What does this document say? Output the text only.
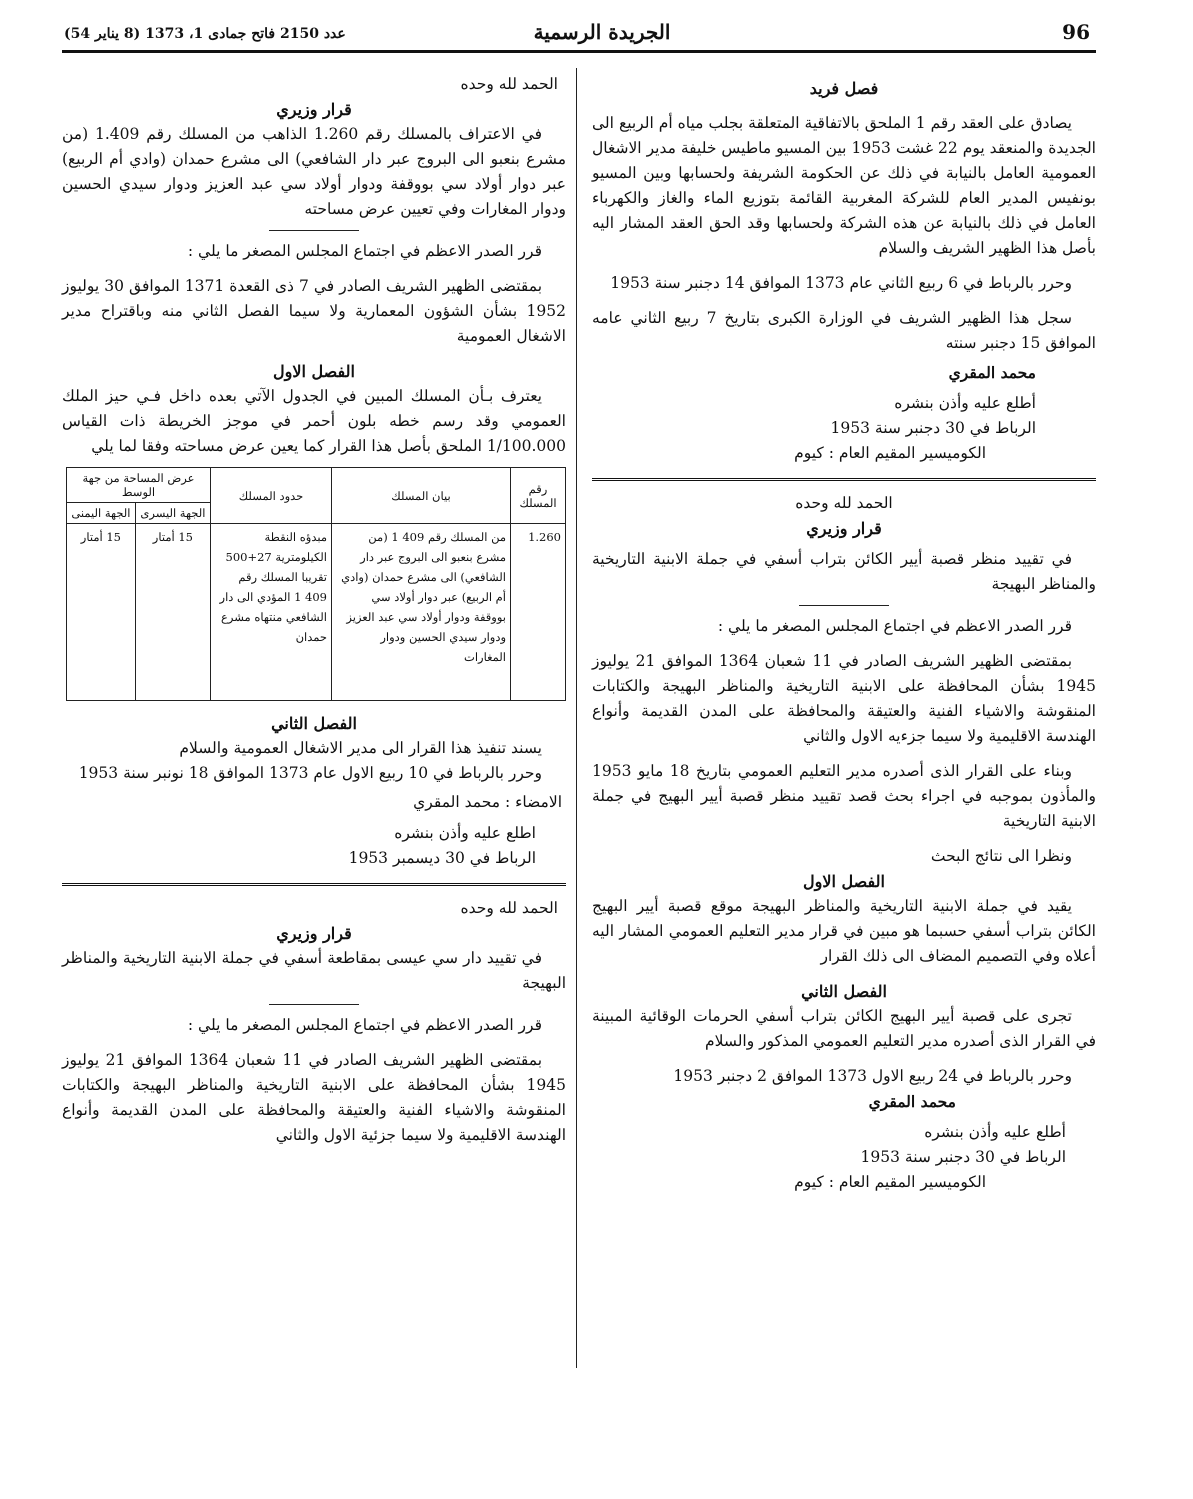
96
الجريدة الرسمية
عدد 2150 فاتح جمادى 1، 1373 (8 يناير 54)
فصل فريد

يصادق على العقد رقم 1 الملحق بالاتفاقية المتعلقة بجلب مياه أم الربيع الى الجديدة والمنعقد يوم 22 غشت 1953 بين المسيو ماطيس خليفة مدير الاشغال العمومية العامل بالنيابة في ذلك عن الحكومة الشريفة ولحسابها وبين المسيو بونفيس المدير العام للشركة المغربية القائمة بتوزيع الماء والغاز والكهرباء العامل في ذلك بالنيابة عن هذه الشركة ولحسابها وقد الحق العقد المشار اليه بأصل هذا الظهير الشريف والسلام

وحرر بالرباط في 6 ربيع الثاني عام 1373 الموافق 14 دجنبر سنة 1953

سجل هذا الظهير الشريف في الوزارة الكبرى بتاريخ 7 ربيع الثاني عامه الموافق 15 دجنبر سنته

محمد المقري
أطلع عليه وأذن بنشره
الرباط في 30 دجنبر سنة 1953
الكوميسير المقيم العام : كيوم
الحمد لله وحده
قرار وزيري

في تقييد منظر قصبة أيير الكائن بتراب أسفي في جملة الابنية التاريخية والمناظر البهيجة

قرر الصدر الاعظم في اجتماع المجلس المصغر ما يلي :

بمقتضى الظهير الشريف الصادر في 11 شعبان 1364 الموافق 21 يوليوز 1945 بشأن المحافظة على الابنية التاريخية والمناظر البهيجة والكتابات المنقوشة والاشياء الفنية والعتيقة والمحافظة على المدن القديمة وأنواع الهندسة الاقليمية ولا سيما جزءيه الاول والثاني

وبناء على القرار الذى أصدره مدير التعليم العمومي بتاريخ 18 مايو 1953 والمأذون بموجبه في اجراء بحث قصد تقييد منظر قصبة أيير البهيج في جملة الابنية التاريخية

ونظرا الى نتائج البحث

الفصل الاول

يقيد في جملة الابنية التاريخية والمناظر البهيجة موقع قصبة أيير البهيج الكائن بتراب أسفي حسبما هو مبين في قرار مدير التعليم العمومي المشار اليه أعلاه وفي التصميم المضاف الى ذلك القرار

الفصل الثاني

تجرى على قصبة أيير البهيج الكائن بتراب أسفي الحرمات الوقائية المبينة في القرار الذى أصدره مدير التعليم العمومي المذكور والسلام

وحرر بالرباط في 24 ربيع الاول 1373 الموافق 2 دجنبر 1953

محمد المقري
أطلع عليه وأذن بنشره
الرباط في 30 دجنبر سنة 1953
الكوميسير المقيم العام : كيوم
الحمد لله وحده
قرار وزيري

في الاعتراف بالمسلك رقم 1.260 الذاهب من المسلك رقم 1.409 (من مشرع بنعبو الى البروج عبر دار الشافعي) الى مشرع حمدان (وادي أم الربيع) عبر دوار أولاد سي بووقفة ودوار أولاد سي عبد العزيز ودوار سيدي الحسين ودوار المغارات وفي تعيين عرض مساحته

قرر الصدر الاعظم في اجتماع المجلس المصغر ما يلي :

بمقتضى الظهير الشريف الصادر في 7 ذى القعدة 1371 الموافق 30 يوليوز 1952 بشأن الشؤون المعمارية ولا سيما الفصل الثاني منه وباقتراح مدير الاشغال العمومية

الفصل الاول

يعترف بـأن المسلك المبين في الجدول الآتي بعده داخل فـي حيز الملك العمومي وقد رسم خطه بلون أحمر في موجز الخريطة ذات القياس 1/100.000 الملحق بأصل هذا القرار كما يعين عرض مساحته وفقا لما يلي

رقم المسلك	بيان المسلك	حدود المسلك	عرض المساحة من جهة الوسط	
			الجهة اليسرى	الجهة اليمنى
1.260	من المسلك رقم 409 1 (من مشرع بنعبو الى البروج عبر دار الشافعي) الى مشرع حمدان (وادي أم الربيع) عبر دوار أولاد سي بووقفة ودوار أولاد سي عبد العزيز ودوار سيدي الحسين ودوار المغارات	مبدؤه النقطة الكيلومترية 27+500 تقريبا المسلك رقم 409 1 المؤدي الى دار الشافعي منتهاه مشرع حمدان	15 أمتار	15 أمتار
الفصل الثاني

يسند تنفيذ هذا القرار الى مدير الاشغال العمومية والسلام

وحرر بالرباط في 10 ربيع الاول عام 1373 الموافق 18 نونبر سنة 1953

الامضاء : محمد المقري
اطلع عليه وأذن بنشره
الرباط في 30 ديسمبر 1953
الحمد لله وحده
قرار وزيري

في تقييد دار سي عيسى بمقاطعة أسفي في جملة الابنية التاريخية والمناظر البهيجة

قرر الصدر الاعظم في اجتماع المجلس المصغر ما يلي :

بمقتضى الظهير الشريف الصادر في 11 شعبان 1364 الموافق 21 يوليوز 1945 بشأن المحافظة على الابنية التاريخية والمناظر البهيجة والكتابات المنقوشة والاشياء الفنية والعتيقة والمحافظة على المدن القديمة وأنواع الهندسة الاقليمية ولا سيما جزئية الاول والثاني
